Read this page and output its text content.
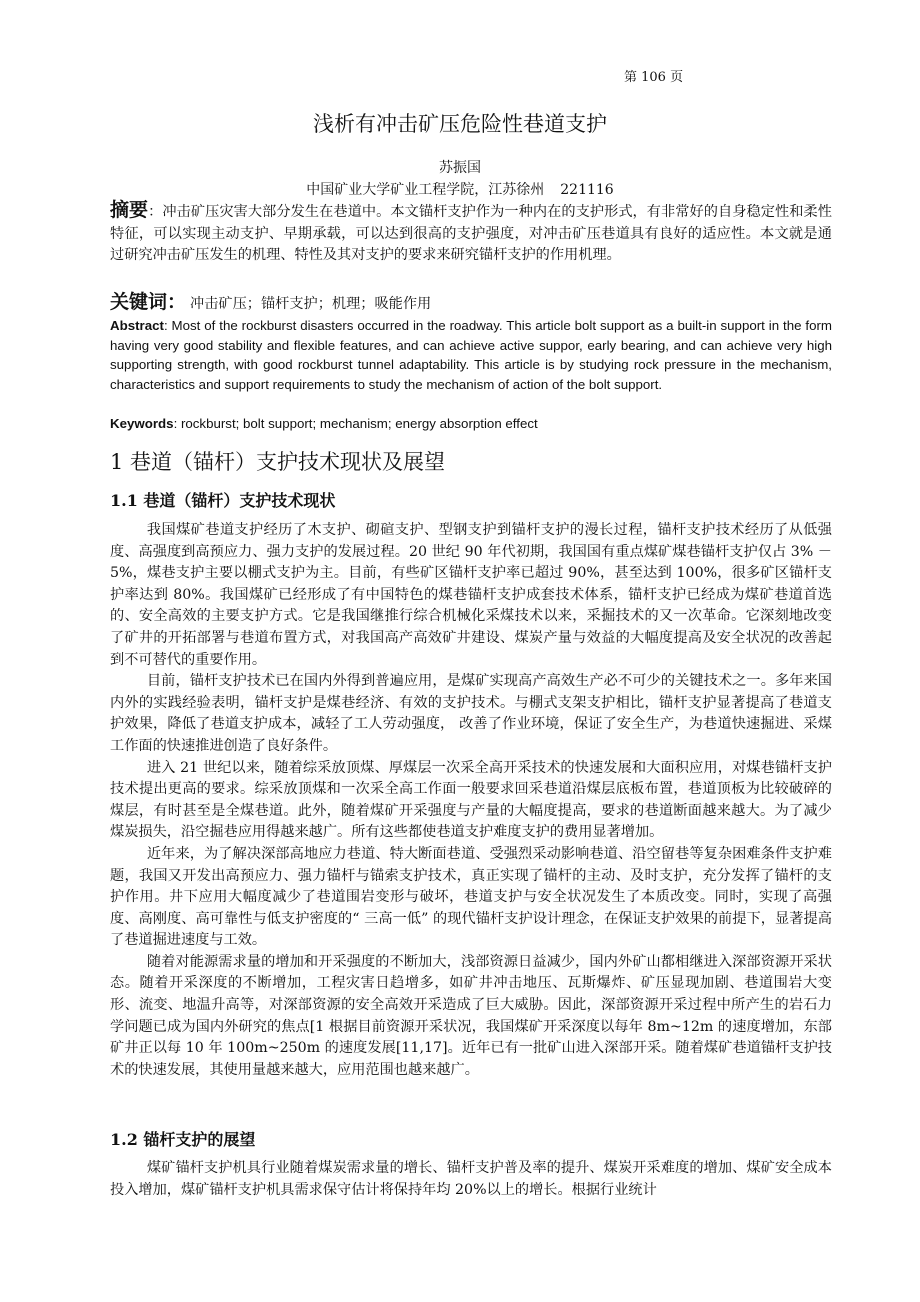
第 106 页
浅析有冲击矿压危险性巷道支护
苏振国
中国矿业大学矿业工程学院，江苏徐州 221116
摘要：冲击矿压灾害大部分发生在巷道中。本文锚杆支护作为一种内在的支护形式，有非常好的自身稳定性和柔性特征，可以实现主动支护、早期承载，可以达到很高的支护强度，对冲击矿压巷道具有良好的适应性。本文就是通过研究冲击矿压发生的机理、特性及其对支护的要求来研究锚杆支护的作用机理。
关键词： 冲击矿压；锚杆支护；机理；吸能作用
Abstract: Most of the rockburst disasters occurred in the roadway. This article bolt support as a built-in support in the form having very good stability and flexible features, and can achieve active suppor, early bearing, and can achieve very high supporting strength, with good rockburst tunnel adaptability. This article is by studying rock pressure in the mechanism, characteristics and support requirements to study the mechanism of action of the bolt support.
Keywords: rockburst; bolt support; mechanism; energy absorption effect
1 巷道（锚杆）支护技术现状及展望
1.1 巷道（锚杆）支护技术现状

我国煤矿巷道支护经历了木支护、砌碹支护、型钢支护到锚杆支护的漫长过程，锚杆支护技术经历了从低强度、高强度到高预应力、强力支护的发展过程。20 世纪 90 年代初期，我国国有重点煤矿煤巷锚杆支护仅占 3% － 5%，煤巷支护主要以棚式支护为主。目前，有些矿区锚杆支护率已超过 90%，甚至达到 100%，很多矿区锚杆支护率达到 80%。我国煤矿已经形成了有中国特色的煤巷锚杆支护成套技术体系，锚杆支护已经成为煤矿巷道首选的、安全高效的主要支护方式。它是我国继推行综合机械化采煤技术以来，采掘技术的又一次革命。它深刻地改变了矿井的开拓部署与巷道布置方式，对我国高产高效矿井建设、煤炭产量与效益的大幅度提高及安全状况的改善起到不可替代的重要作用。

目前，锚杆支护技术已在国内外得到普遍应用，是煤矿实现高产高效生产必不可少的关键技术之一。多年来国内外的实践经验表明，锚杆支护是煤巷经济、有效的支护技术。与棚式支架支护相比，锚杆支护显著提高了巷道支护效果，降低了巷道支护成本，减轻了工人劳动强度， 改善了作业环境，保证了安全生产，为巷道快速掘进、采煤工作面的快速推进创造了良好条件。

进入 21 世纪以来，随着综采放顶煤、厚煤层一次采全高开采技术的快速发展和大面积应用，对煤巷锚杆支护技术提出更高的要求。综采放顶煤和一次采全高工作面一般要求回采巷道沿煤层底板布置，巷道顶板为比较破碎的煤层，有时甚至是全煤巷道。此外，随着煤矿开采强度与产量的大幅度提高，要求的巷道断面越来越大。为了减少煤炭损失，沿空掘巷应用得越来越广。所有这些都使巷道支护难度支护的费用显著增加。

近年来，为了解决深部高地应力巷道、特大断面巷道、受强烈采动影响巷道、沿空留巷等复杂困难条件支护难题，我国又开发出高预应力、强力锚杆与锚索支护技术，真正实现了锚杆的主动、及时支护，充分发挥了锚杆的支护作用。井下应用大幅度减少了巷道围岩变形与破坏，巷道支护与安全状况发生了本质改变。同时，实现了高强度、高刚度、高可靠性与低支护密度的“ 三高一低” 的现代锚杆支护设计理念，在保证支护效果的前提下，显著提高了巷道掘进速度与工效。

随着对能源需求量的增加和开采强度的不断加大，浅部资源日益减少，国内外矿山都相继进入深部资源开采状态。随着开采深度的不断增加，工程灾害日趋增多，如矿井冲击地压、瓦斯爆炸、矿压显现加剧、巷道围岩大变形、流变、地温升高等，对深部资源的安全高效开采造成了巨大威胁。因此，深部资源开采过程中所产生的岩石力学问题已成为国内外研究的焦点[1 根据目前资源开采状况，我国煤矿开采深度以每年 8m~12m 的速度增加，东部矿井正以每 10 年 100m~250m 的速度发展[11,17]。近年已有一批矿山进入深部开采。随着煤矿巷道锚杆支护技术的快速发展，其使用量越来越大，应用范围也越来越广。

1.2 锚杆支护的展望

煤矿锚杆支护机具行业随着煤炭需求量的增长、锚杆支护普及率的提升、煤炭开采难度的增加、煤矿安全成本投入增加，煤矿锚杆支护机具需求保守估计将保持年均 20%以上的增长。根据行业统计
